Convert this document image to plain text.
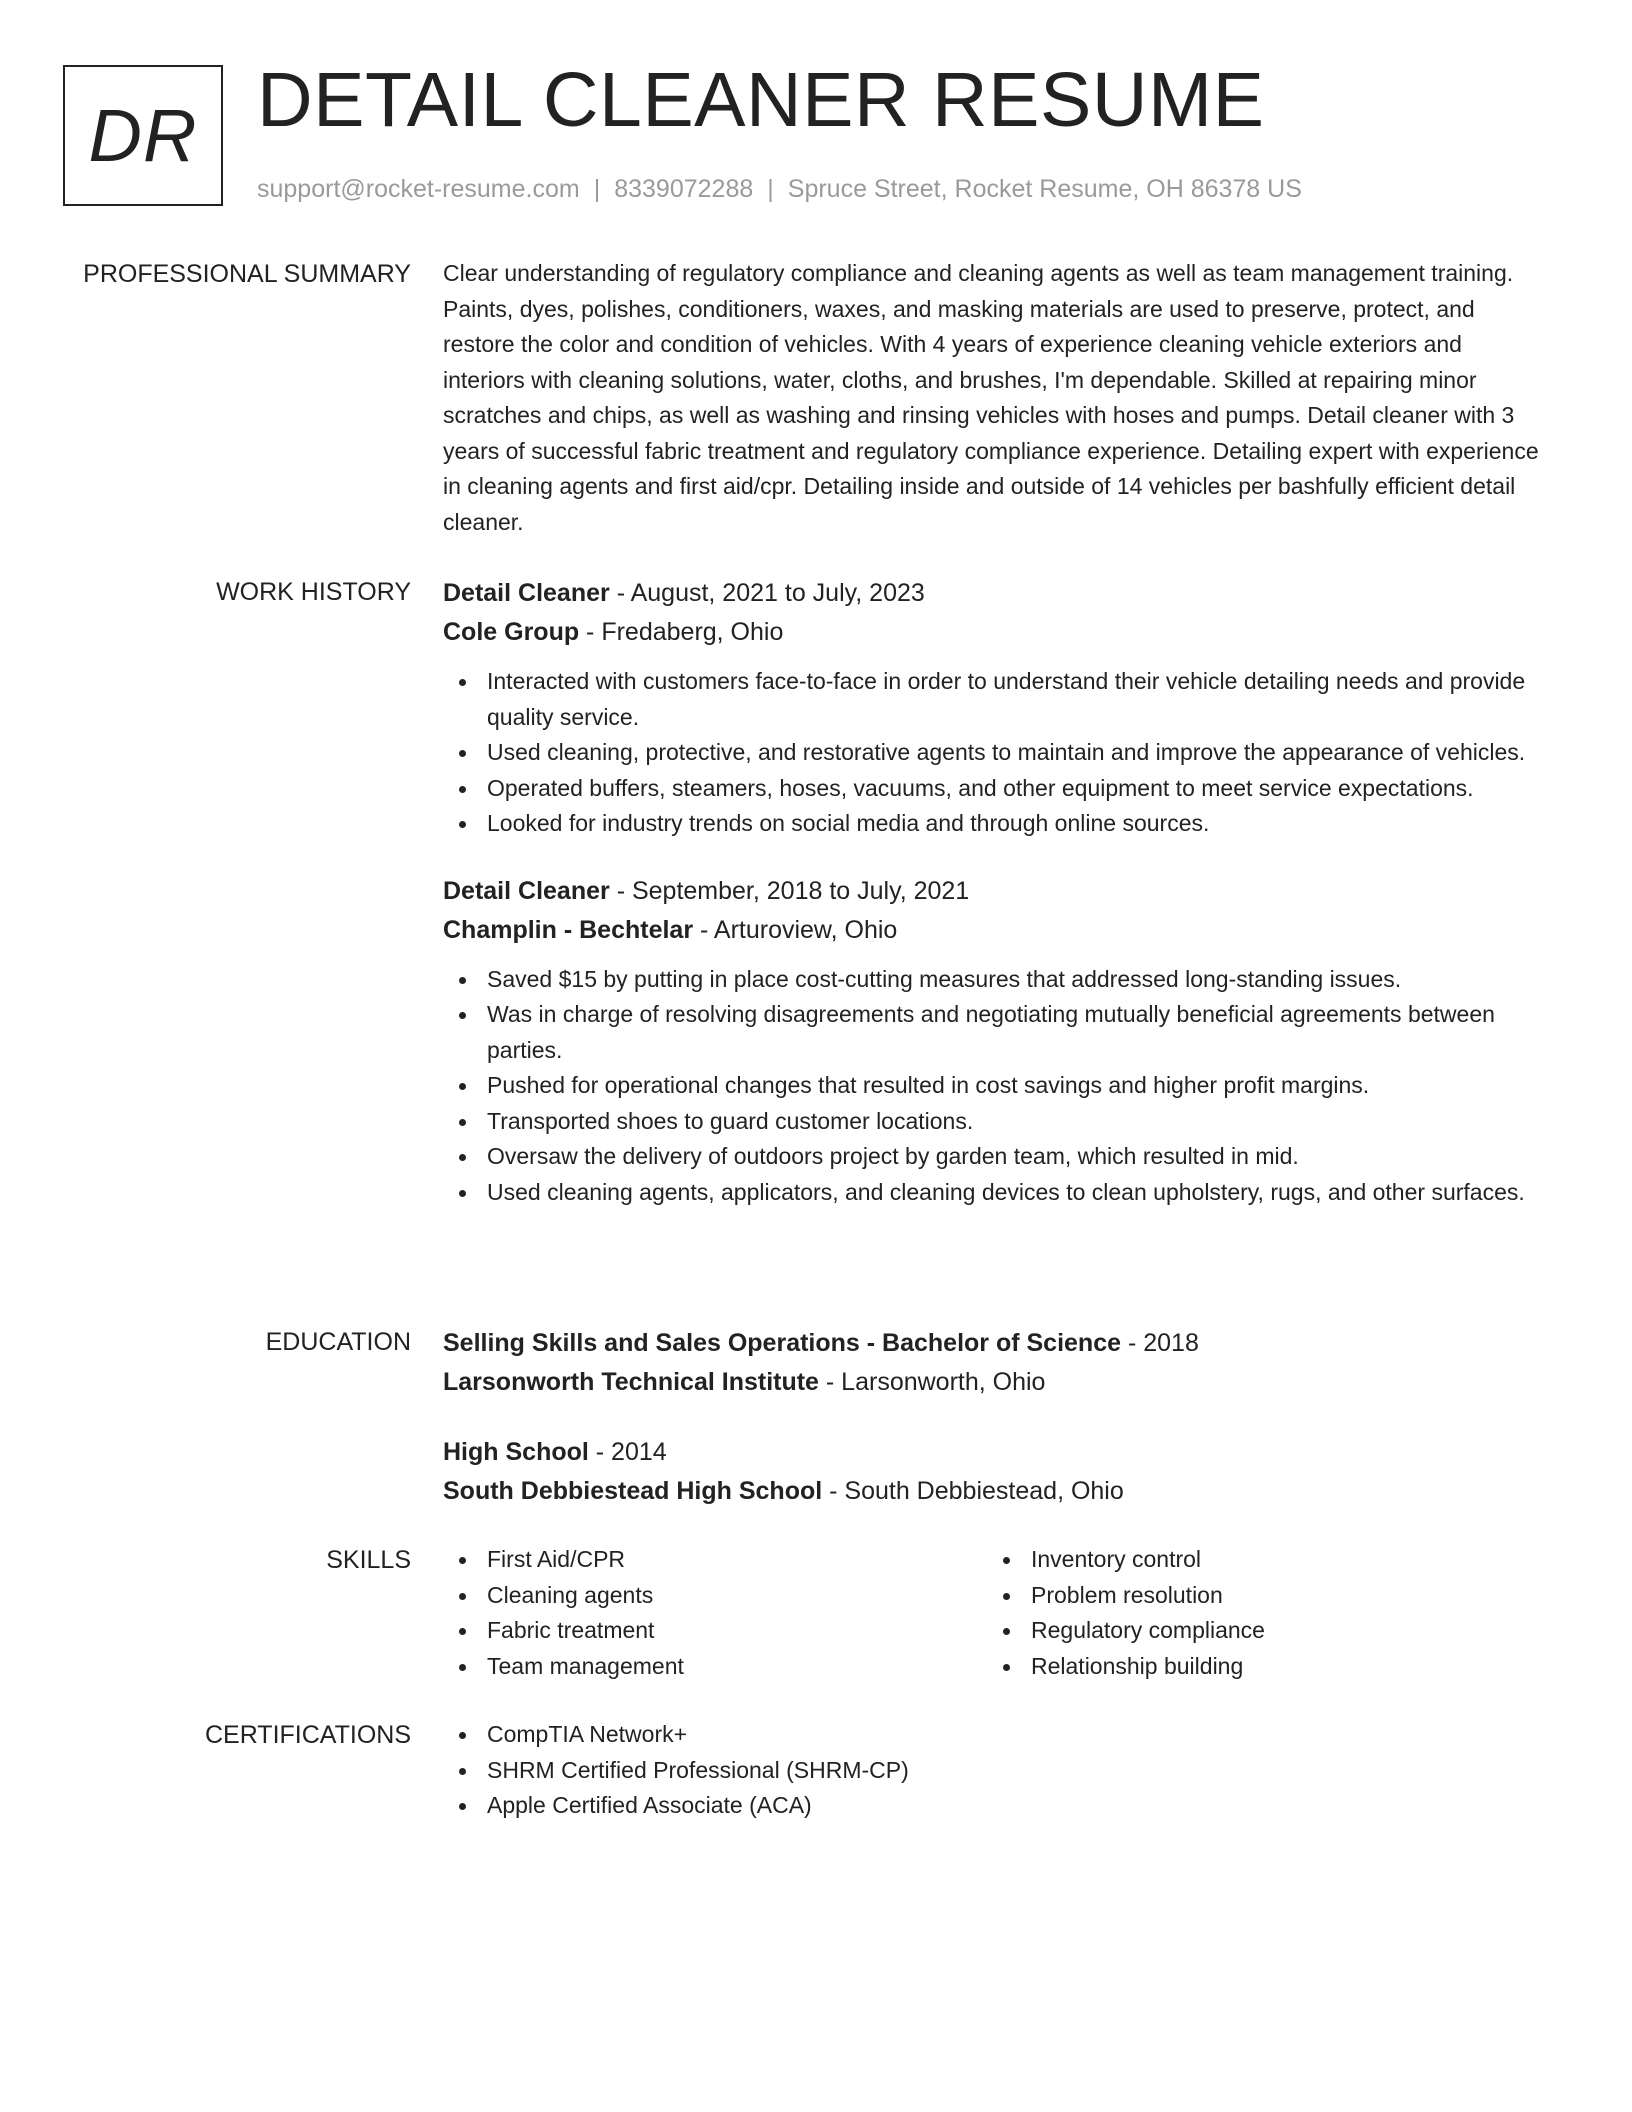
DR DETAIL CLEANER RESUME
support@rocket-resume.com | 8339072288 | Spruce Street, Rocket Resume, OH 86378 US
PROFESSIONAL SUMMARY Clear understanding of regulatory compliance and cleaning agents as well as team management training. Paints, dyes, polishes, conditioners, waxes, and masking materials are used to preserve, protect, and restore the color and condition of vehicles. With 4 years of experience cleaning vehicle exteriors and interiors with cleaning solutions, water, cloths, and brushes, I'm dependable. Skilled at repairing minor scratches and chips, as well as washing and rinsing vehicles with hoses and pumps. Detail cleaner with 3 years of successful fabric treatment and regulatory compliance experience. Detailing expert with experience in cleaning agents and first aid/cpr. Detailing inside and outside of 14 vehicles per bashfully efficient detail cleaner.

WORK HISTORY Detail Cleaner - August, 2021 to July, 2023
Cole Group - Fredaberg, Ohio
Interacted with customers face-to-face in order to understand their vehicle detailing needs and provide quality service.
Used cleaning, protective, and restorative agents to maintain and improve the appearance of vehicles.
Operated buffers, steamers, hoses, vacuums, and other equipment to meet service expectations.
Looked for industry trends on social media and through online sources.
Detail Cleaner - September, 2018 to July, 2021
Champlin - Bechtelar - Arturoview, Ohio
Saved $15 by putting in place cost-cutting measures that addressed long-standing issues.
Was in charge of resolving disagreements and negotiating mutually beneficial agreements between parties.
Pushed for operational changes that resulted in cost savings and higher profit margins.
Transported shoes to guard customer locations.
Oversaw the delivery of outdoors project by garden team, which resulted in mid.
Used cleaning agents, applicators, and cleaning devices to clean upholstery, rugs, and other surfaces.
EDUCATION Selling Skills and Sales Operations - Bachelor of Science - 2018
Larsonworth Technical Institute - Larsonworth, Ohio
High School - 2014
South Debbiestead High School - South Debbiestead, Ohio
SKILLS	First Aid/CPR
Cleaning agents
Fabric treatment
Team management
Inventory control
Problem resolution
Regulatory compliance
Relationship building
CERTIFICATIONS	CompTIA Network+
SHRM Certified Professional (SHRM-CP)
Apple Certified Associate (ACA)
